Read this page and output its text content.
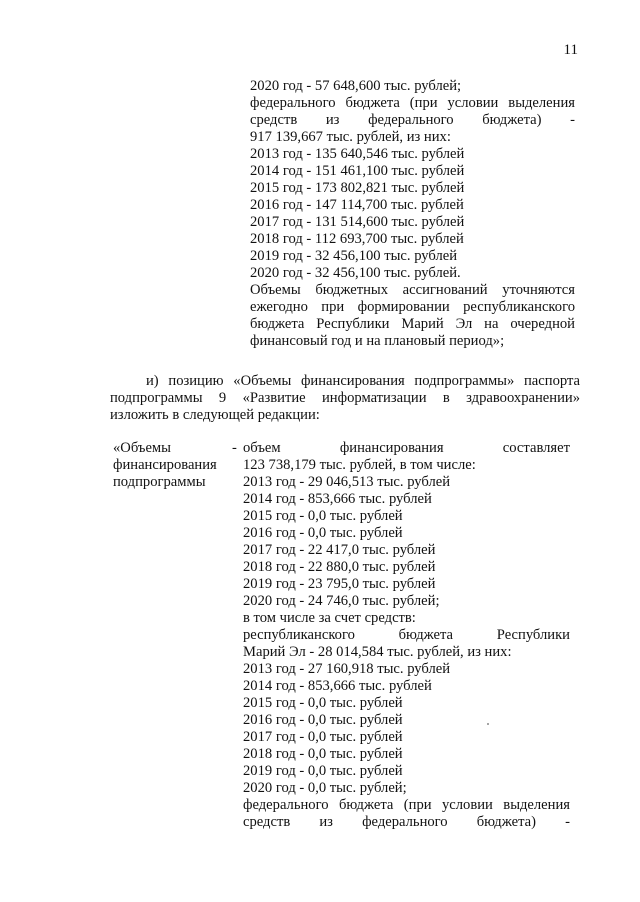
11
2020 год - 57 648,600 тыс. рублей;
федерального бюджета (при условии выделения
средств из федерального бюджета) -
917 139,667 тыс. рублей, из них:
2013 год - 135 640,546 тыс. рублей
2014 год - 151 461,100 тыс. рублей
2015 год - 173 802,821 тыс. рублей
2016 год - 147 114,700 тыс. рублей
2017 год - 131 514,600 тыс. рублей
2018 год - 112 693,700 тыс. рублей
2019 год - 32 456,100 тыс. рублей
2020 год - 32 456,100 тыс. рублей.
Объемы бюджетных ассигнований уточняются
ежегодно при формировании республиканского
бюджета Республики Марий Эл на очередной
финансовый год и на плановый период»;
и) позицию «Объемы финансирования подпрограммы» паспорта
подпрограммы 9 «Развитие информатизации в здравоохранении»
изложить в следующей редакции:
«Объемы
финансирования
подпрограммы
- объем финансирования составляет
123 738,179 тыс. рублей, в том числе:
2013 год - 29 046,513 тыс. рублей
2014 год - 853,666 тыс. рублей
2015 год - 0,0 тыс. рублей
2016 год - 0,0 тыс. рублей
2017 год - 22 417,0 тыс. рублей
2018 год - 22 880,0 тыс. рублей
2019 год - 23 795,0 тыс. рублей
2020 год - 24 746,0 тыс. рублей;
в том числе за счет средств:
республиканского бюджета Республики
Марий Эл - 28 014,584 тыс. рублей, из них:
2013 год - 27 160,918 тыс. рублей
2014 год - 853,666 тыс. рублей
2015 год - 0,0 тыс. рублей
2016 год - 0,0 тыс. рублей
2017 год - 0,0 тыс. рублей
2018 год - 0,0 тыс. рублей
2019 год - 0,0 тыс. рублей
2020 год - 0,0 тыс. рублей;
федерального бюджета (при условии выделения
средств из федерального бюджета) -
